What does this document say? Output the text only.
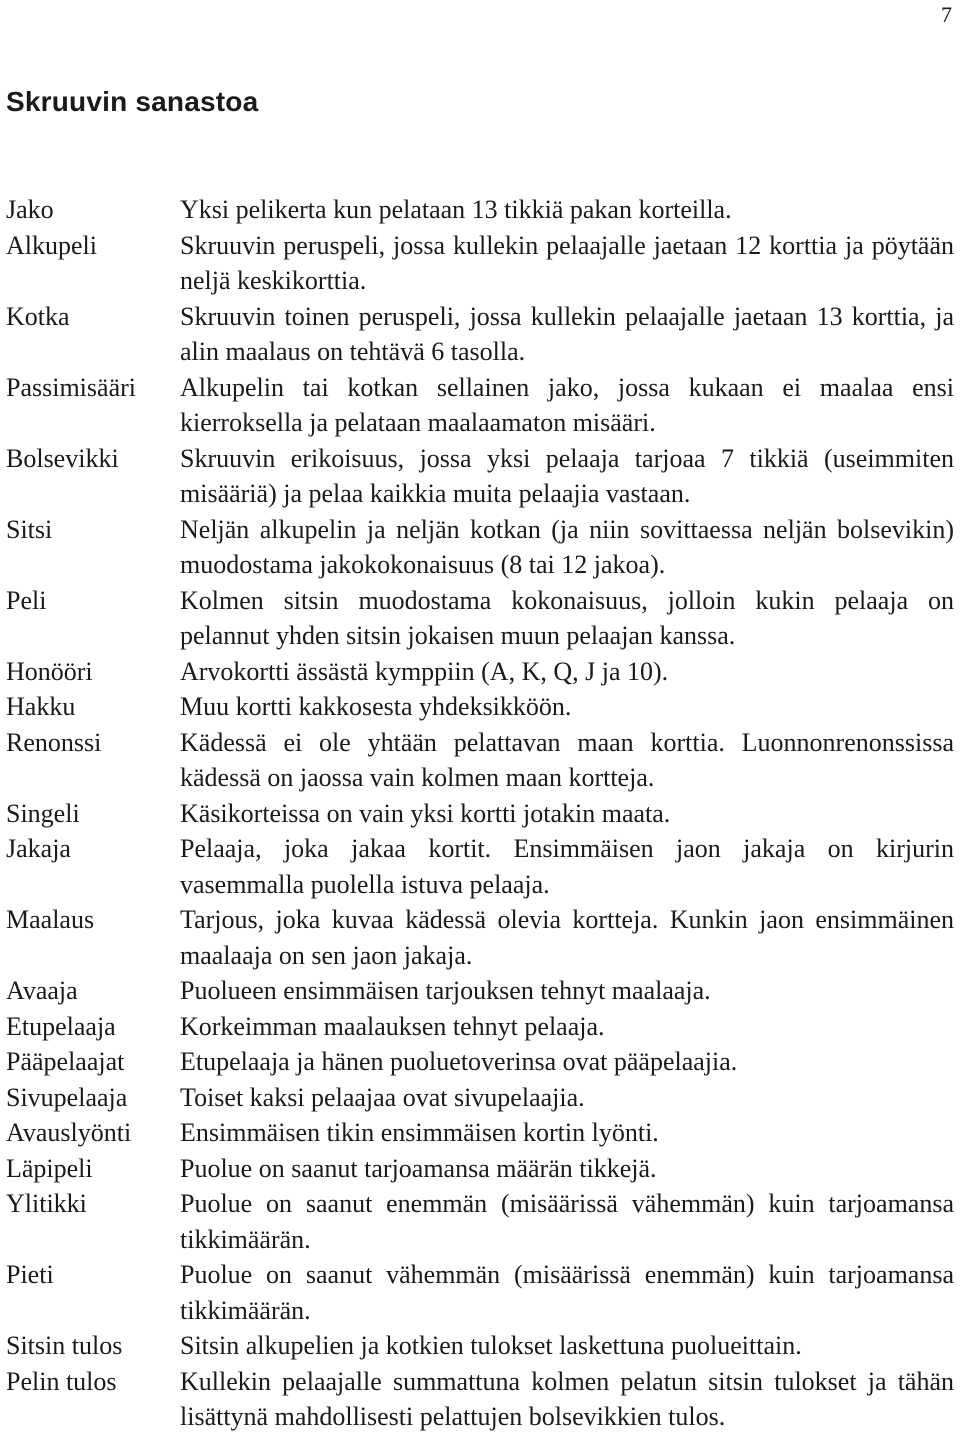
7
Skruuvin sanastoa
Jako	Yksi pelikerta kun pelataan 13 tikkiä pakan korteilla.
Alkupeli	Skruuvin peruspeli, jossa kullekin pelaajalle jaetaan 12 korttia ja pöytään neljä keskikorttia.
Kotka	Skruuvin toinen peruspeli, jossa kullekin pelaajalle jaetaan 13 korttia, ja alin maalaus on tehtävä 6 tasolla.
Passimisääri	Alkupelin tai kotkan sellainen jako, jossa kukaan ei maalaa ensi kierroksella ja pelataan maalaamaton misääri.
Bolsevikki	Skruuvin erikoisuus, jossa yksi pelaaja tarjoaa 7 tikkiä (useimmiten misääriä) ja pelaa kaikkia muita pelaajia vastaan.
Sitsi	Neljän alkupelin ja neljän kotkan (ja niin sovittaessa neljän bolsevikin) muodostama jakokokonaisuus (8 tai 12 jakoa).
Peli	Kolmen sitsin muodostama kokonaisuus, jolloin kukin pelaaja on pelannut yhden sitsin jokaisen muun pelaajan kanssa.
Honööri	Arvokortti ässästä kymppiin (A, K, Q, J ja 10).
Hakku	Muu kortti kakkosesta yhdeksikköön.
Renonssi	Kädessä ei ole yhtään pelattavan maan korttia. Luonnonrenonssissa kädessä on jaossa vain kolmen maan kortteja.
Singeli	Käsikorteissa on vain yksi kortti jotakin maata.
Jakaja	Pelaaja, joka jakaa kortit. Ensimmäisen jaon jakaja on kirjurin vasemmalla puolella istuva pelaaja.
Maalaus	Tarjous, joka kuvaa kädessä olevia kortteja. Kunkin jaon ensimmäinen maalaaja on sen jaon jakaja.
Avaaja	Puolueen ensimmäisen tarjouksen tehnyt maalaaja.
Etupelaaja	Korkeimman maalauksen tehnyt pelaaja.
Pääpelaajat	Etupelaaja ja hänen puoluetoverinsa ovat pääpelaajia.
Sivupelaaja	Toiset kaksi pelaajaa ovat sivupelaajia.
Avauslyönti	Ensimmäisen tikin ensimmäisen kortin lyönti.
Läpipeli	Puolue on saanut tarjoamansa määrän tikkejä.
Ylitikki	Puolue on saanut enemmän (misäärissä vähemmän) kuin tarjoamansa tikkimäärän.
Pieti	Puolue on saanut vähemmän (misäärissä enemmän) kuin tarjoamansa tikkimäärän.
Sitsin tulos	Sitsin alkupelien ja kotkien tulokset laskettuna puolueittain.
Pelin tulos	Kullekin pelaajalle summattuna kolmen pelatun sitsin tulokset ja tähän lisättynä mahdollisesti pelattujen bolsevikkien tulos.
